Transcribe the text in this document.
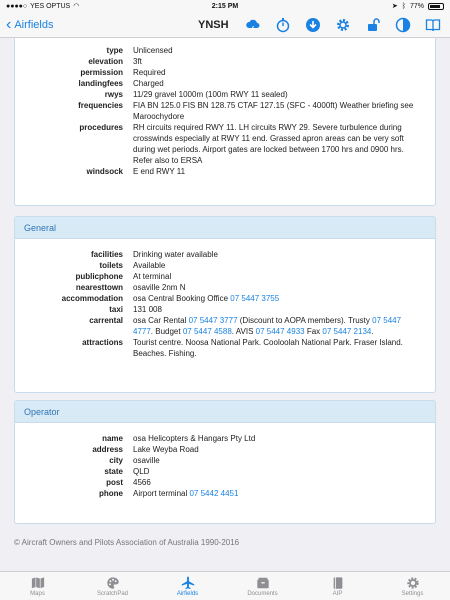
●●●●○ YES OPTUS ◠	2:15 PM	➤ ᛒ 77%
‹ Airfields	YNSH
type	Unlicensed
elevation	3ft
permission	Required
landingfees	Charged
rwys	11/29 gravel 1000m (100m RWY 11 sealed)
frequencies	FIA BN 125.0 FIS BN 128.75 CTAF 127.15 (SFC - 4000ft) Weather briefing see Maroochydore
procedures	RH circuits required RWY 11. LH circuits RWY 29. Severe turbulence during crosswinds especially at RWY 11 end. Grassed apron areas can be very soft during wet periods. Airport gates are locked between 1700 hrs and 0900 hrs. Refer also to ERSA
windsock	E end RWY 11
General
facilities	Drinking water available
toilets	Available
publicphone	At terminal
nearesttown	osaville 2nm N
accommodation	osa Central Booking Office 07 5447 3755
taxi	131 008
carrental	osa Car Rental 07 5447 3777 (Discount to AOPA members). Trusty 07 5447 4777. Budget 07 5447 4588. AVIS 07 5447 4933 Fax 07 5447 2134.
attractions	Tourist centre. Noosa National Park. Cooloolah National Park. Fraser Island. Beaches. Fishing.
Operator
name	osa Helicopters & Hangars Pty Ltd
address	Lake Weyba Road
city	osaville
state	QLD
post	4566
phone	Airport terminal 07 5442 4451
© Aircraft Owners and Pilots Association of Australia 1990-2016
Maps	ScratchPad	Airfields	Documents	AIP	Settings
